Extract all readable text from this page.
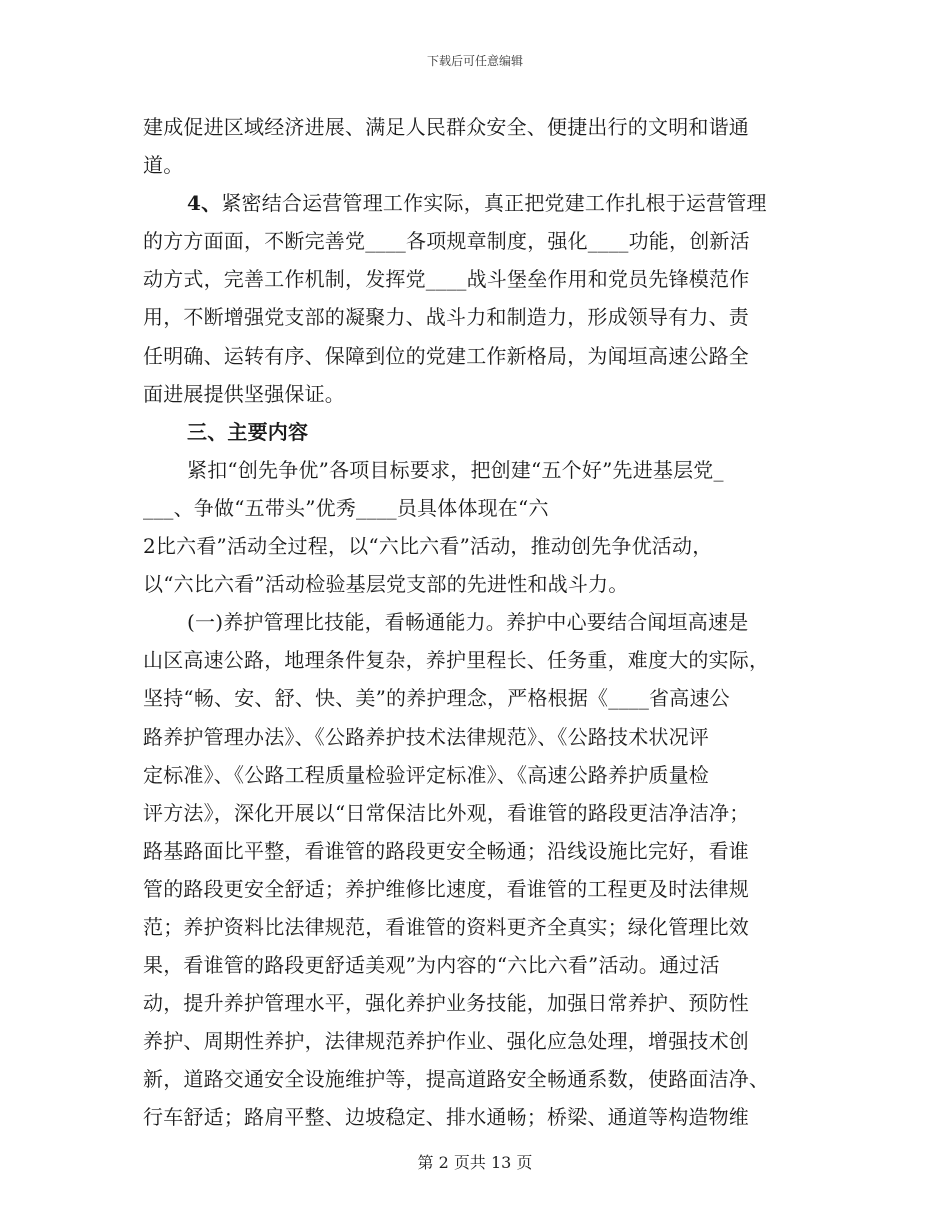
下载后可任意编辑
建成促进区域经济进展、满足人民群众安全、便捷出行的文明和谐通
道。
4、紧密结合运营管理工作实际，真正把党建工作扎根于运营管理
的方方面面，不断完善党____各项规章制度，强化____功能，创新活
动方式，完善工作机制，发挥党____战斗堡垒作用和党员先锋模范作
用，不断增强党支部的凝聚力、战斗力和制造力，形成领导有力、责
任明确、运转有序、保障到位的党建工作新格局，为闻垣高速公路全
面进展提供坚强保证。
三、主要内容
紧扣“创先争优”各项目标要求，把创建“五个好”先进基层党_
___、争做“五带头”优秀____员具体体现在“六
2比六看”活动全过程，以“六比六看”活动，推动创先争优活动，
以“六比六看”活动检验基层党支部的先进性和战斗力。
(一)养护管理比技能，看畅通能力。养护中心要结合闻垣高速是
山区高速公路，地理条件复杂，养护里程长、任务重，难度大的实际，
坚持“畅、安、舒、快、美”的养护理念，严格根据《____省高速公
路养护管理办法》、《公路养护技术法律规范》、《公路技术状况评
定标准》、《公路工程质量检验评定标准》、《高速公路养护质量检
评方法》，深化开展以“日常保洁比外观，看谁管的路段更洁净洁净；
路基路面比平整，看谁管的路段更安全畅通；沿线设施比完好，看谁
管的路段更安全舒适；养护维修比速度，看谁管的工程更及时法律规
范；养护资料比法律规范，看谁管的资料更齐全真实；绿化管理比效
果，看谁管的路段更舒适美观”为内容的“六比六看”活动。通过活
动，提升养护管理水平，强化养护业务技能，加强日常养护、预防性
养护、周期性养护，法律规范养护作业、强化应急处理，增强技术创
新，道路交通安全设施维护等，提高道路安全畅通系数，使路面洁净、
行车舒适；路肩平整、边坡稳定、排水通畅；桥梁、通道等构造物维
第 2 页共 13 页
